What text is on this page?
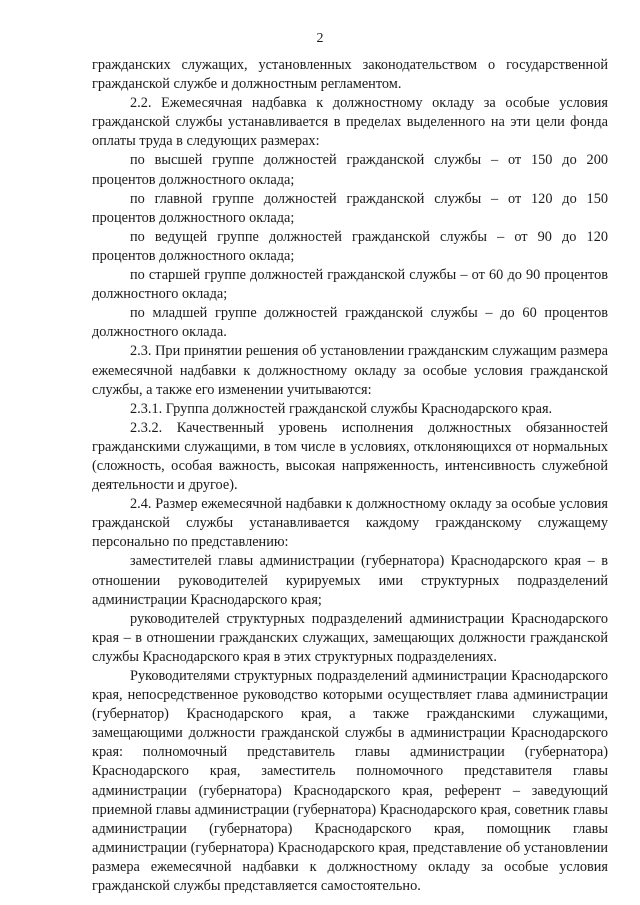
2

гражданских служащих, установленных законодательством о государственной гражданской службе и должностным регламентом.

2.2. Ежемесячная надбавка к должностному окладу за особые условия гражданской службы устанавливается в пределах выделенного на эти цели фонда оплаты труда в следующих размерах:

по высшей группе должностей гражданской службы – от 150 до 200 процентов должностного оклада;

по главной группе должностей гражданской службы – от 120 до 150 процентов должностного оклада;

по ведущей группе должностей гражданской службы – от 90 до 120 процентов должностного оклада;

по старшей группе должностей гражданской службы – от 60 до 90 процентов должностного оклада;

по младшей группе должностей гражданской службы – до 60 процентов должностного оклада.

2.3. При принятии решения об установлении гражданским служащим размера ежемесячной надбавки к должностному окладу за особые условия гражданской службы, а также его изменении учитываются:

2.3.1. Группа должностей гражданской службы Краснодарского края.

2.3.2. Качественный уровень исполнения должностных обязанностей гражданскими служащими, в том числе в условиях, отклоняющихся от нормальных (сложность, особая важность, высокая напряженность, интенсивность служебной деятельности и другое).

2.4. Размер ежемесячной надбавки к должностному окладу за особые условия гражданской службы устанавливается каждому гражданскому служащему персонально по представлению:

заместителей главы администрации (губернатора) Краснодарского края – в отношении руководителей курируемых ими структурных подразделений администрации Краснодарского края;

руководителей структурных подразделений администрации Краснодарского края – в отношении гражданских служащих, замещающих должности гражданской службы Краснодарского края в этих структурных подразделениях.

Руководителями структурных подразделений администрации Краснодарского края, непосредственное руководство которыми осуществляет глава администрации (губернатор) Краснодарского края, а также гражданскими служащими, замещающими должности гражданской службы в администрации Краснодарского края: полномочный представитель главы администрации (губернатора) Краснодарского края, заместитель полномочного представителя главы администрации (губернатора) Краснодарского края, референт – заведующий приемной главы администрации (губернатора) Краснодарского края, советник главы администрации (губернатора) Краснодарского края, помощник главы администрации (губернатора) Краснодарского края, представление об установлении размера ежемесячной надбавки к должностному окладу за особые условия гражданской службы представляется самостоятельно.
